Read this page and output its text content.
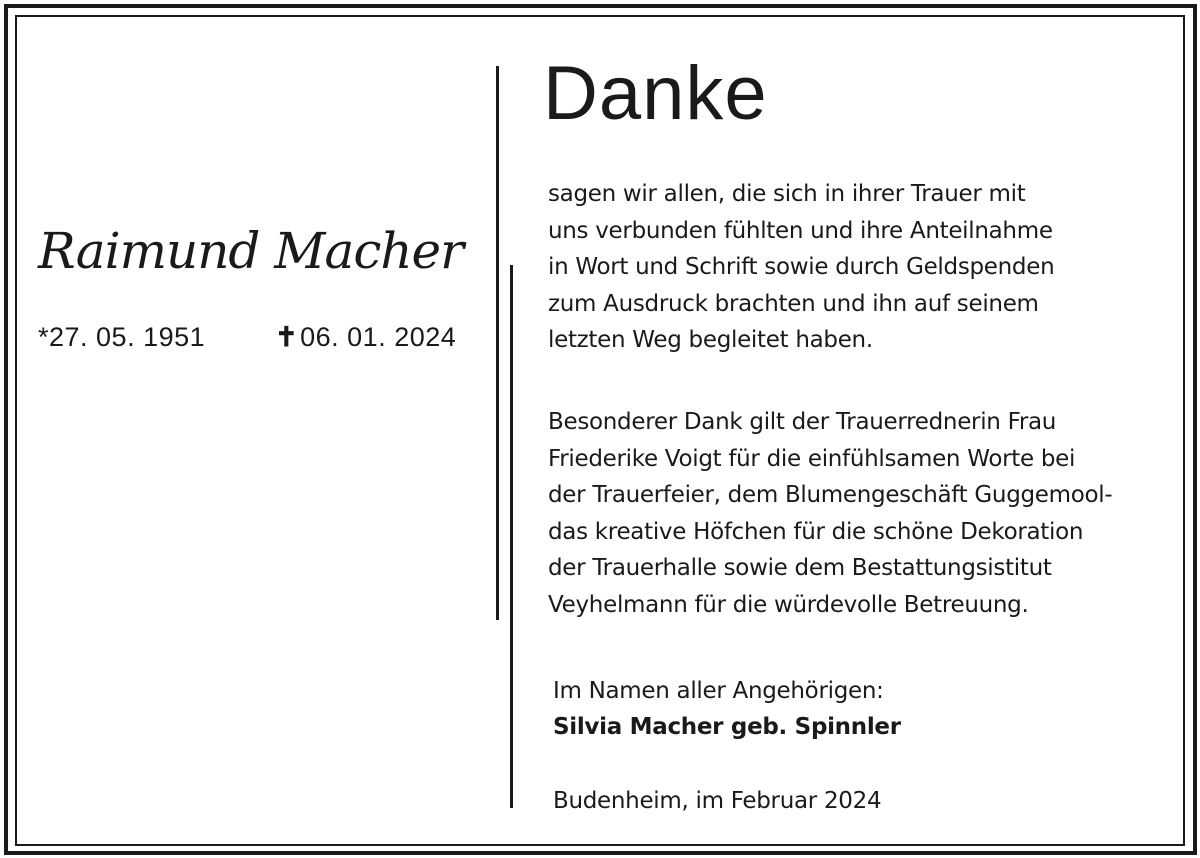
Raimund Macher
*27. 05. 1951	✝06. 01. 2024
Danke
sagen wir allen, die sich in ihrer Trauer mit
uns verbunden fühlten und ihre Anteilnahme
in Wort und Schrift sowie durch Geldspenden
zum Ausdruck brachten und ihn auf seinem
letzten Weg begleitet haben.
Besonderer Dank gilt der Trauerrednerin Frau
Friederike Voigt für die einfühlsamen Worte bei
der Trauerfeier, dem Blumengeschäft Guggemool-
das kreative Höfchen für die schöne Dekoration
der Trauerhalle sowie dem Bestattungsistitut
Veyhelmann für die würdevolle Betreuung.
Im Namen aller Angehörigen:
Silvia Macher geb. Spinnler
Budenheim, im Februar 2024
